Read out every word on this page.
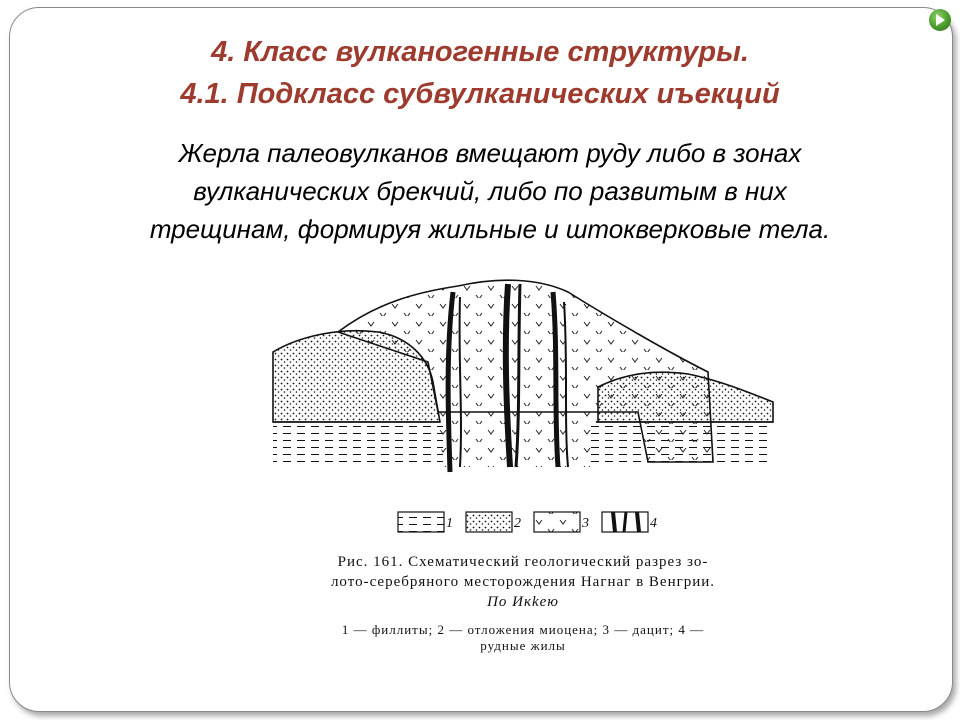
4. Класс вулканогенные структуры.
4.1. Подкласс субвулканических иъекций
Жерла палеовулканов вмещают руду либо в зонах
вулканических брекчий, либо по развитым в них
трещинам, формируя жильные и штокверковые тела.
1	2	3	4
Рис. 161. Схематический геологический разрез зо-
лото-серебряного месторождения Нагнаг в Венгрии.
По Икkею
1 — филлиты; 2 — отложения миоцена; 3 — дацит; 4 —
рудные жилы
